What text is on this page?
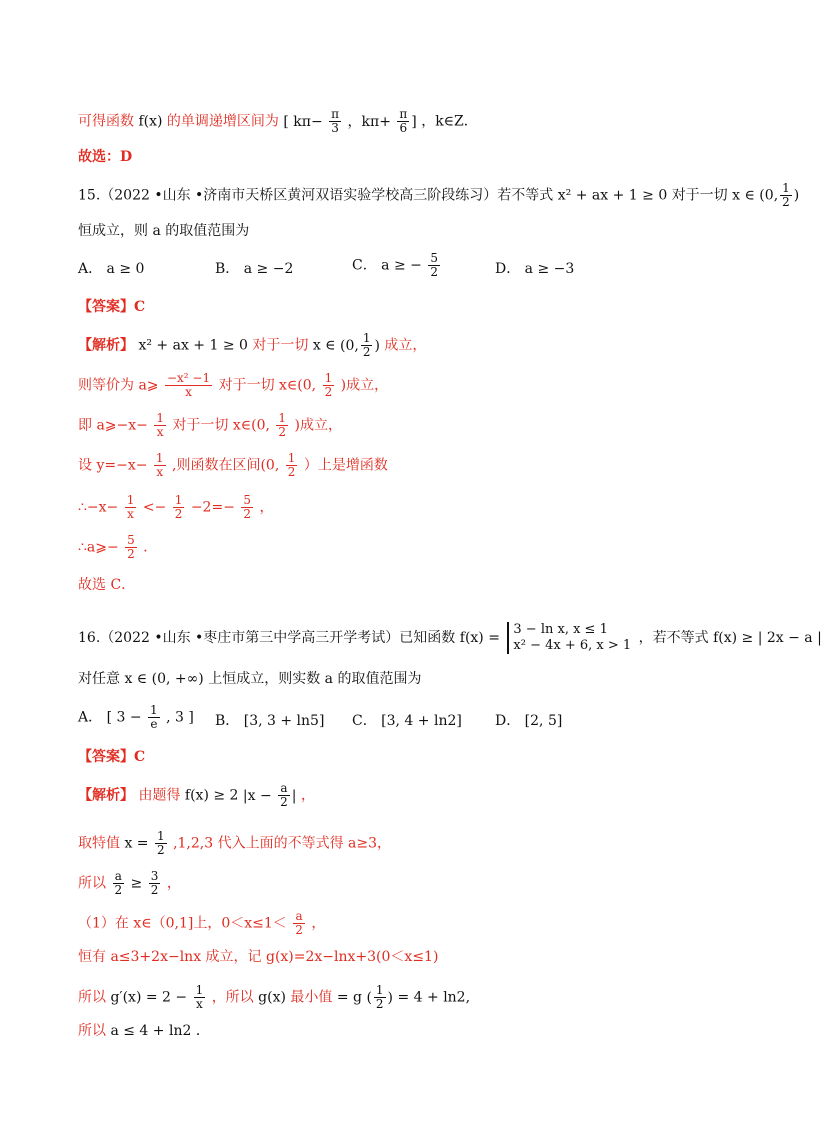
可得函数 f(x) 的单调递增区间为 [ $k\pi- \frac{\pi}{3}$ ，$k\pi+ \frac{\pi}{6}$ ] ，k∈Z．
故选：D
15.（2022 •山东 •济南市天桥区黄河双语实验学校高三阶段练习）若不等式 x² + ax + 1 ≥ 0 对于一切 x ∈ (0, $\frac{1}{2}$ )
恒成立，则 a 的取值范围为
A． a ≥ 0	B． a ≥ −2	C． a ≥ − $\frac{5}{2}$	D． a ≥ −3
【答案】C
【解析】 x² + ax + 1 ≥ 0 对于一切 x ∈ (0, $\frac{1}{2}$ ) 成立，
则等价为 a⩾ $\frac{\text{−x² −1}}{x}$ 对于一切 x∈(0, $\frac{1}{2}$ )成立，
即 a⩾−x− $\frac{1}{x}$ 对于一切 x∈(0, $\frac{1}{2}$ )成立，
设 $y=-x- \frac{1}{x}$ ,则函数在区间(0, $\frac{1}{2}$ ）上是增函数
∴−x− $\frac{1}{x} <- \frac{1}{2} -2=- \frac{5}{2}$ ，
∴a⩾− $\frac{5}{2}$ ．
故选 C．
16.（2022 •山东 •枣庄市第三中学高三开学考试）已知函数 f(x) =
3 − ln x, x ≤ 1
x² − 4x + 6, x > 1 ，若不等式 f(x) ≥ | 2x − a |
对任意 x ∈ (0, +∞) 上恒成立，则实数 a 的取值范围为
A． [ $3 - \frac{1}{e}$ , 3 ] B． [3, 3 + ln5] C． [3, 4 + ln2] D． [2, 5]
【答案】C
【解析】 由题得 f(x) ≥ 2 $|x - \frac{a}{2}$ | ，
取特值 $x = \frac{1}{2} ,1,2,3$ 代入上面的不等式得 a≥3，
所以 $\frac{a}{2} \ge \frac{3}{2}$ ，
（1）在 x∈（0,1]上，$0<x\le 1< \frac{a}{2}$ ，
恒有 a≤3+2x−lnx 成立，记 g(x)=2x−lnx+3(0＜x≤1)
所以 $g'(x) = 2 - \frac{1}{x}$ ，所以 g(x) 最小值 = g ( $\frac{1}{2}$ ) = 4 + ln2,
所以 a ≤ 4 + ln2 ．
